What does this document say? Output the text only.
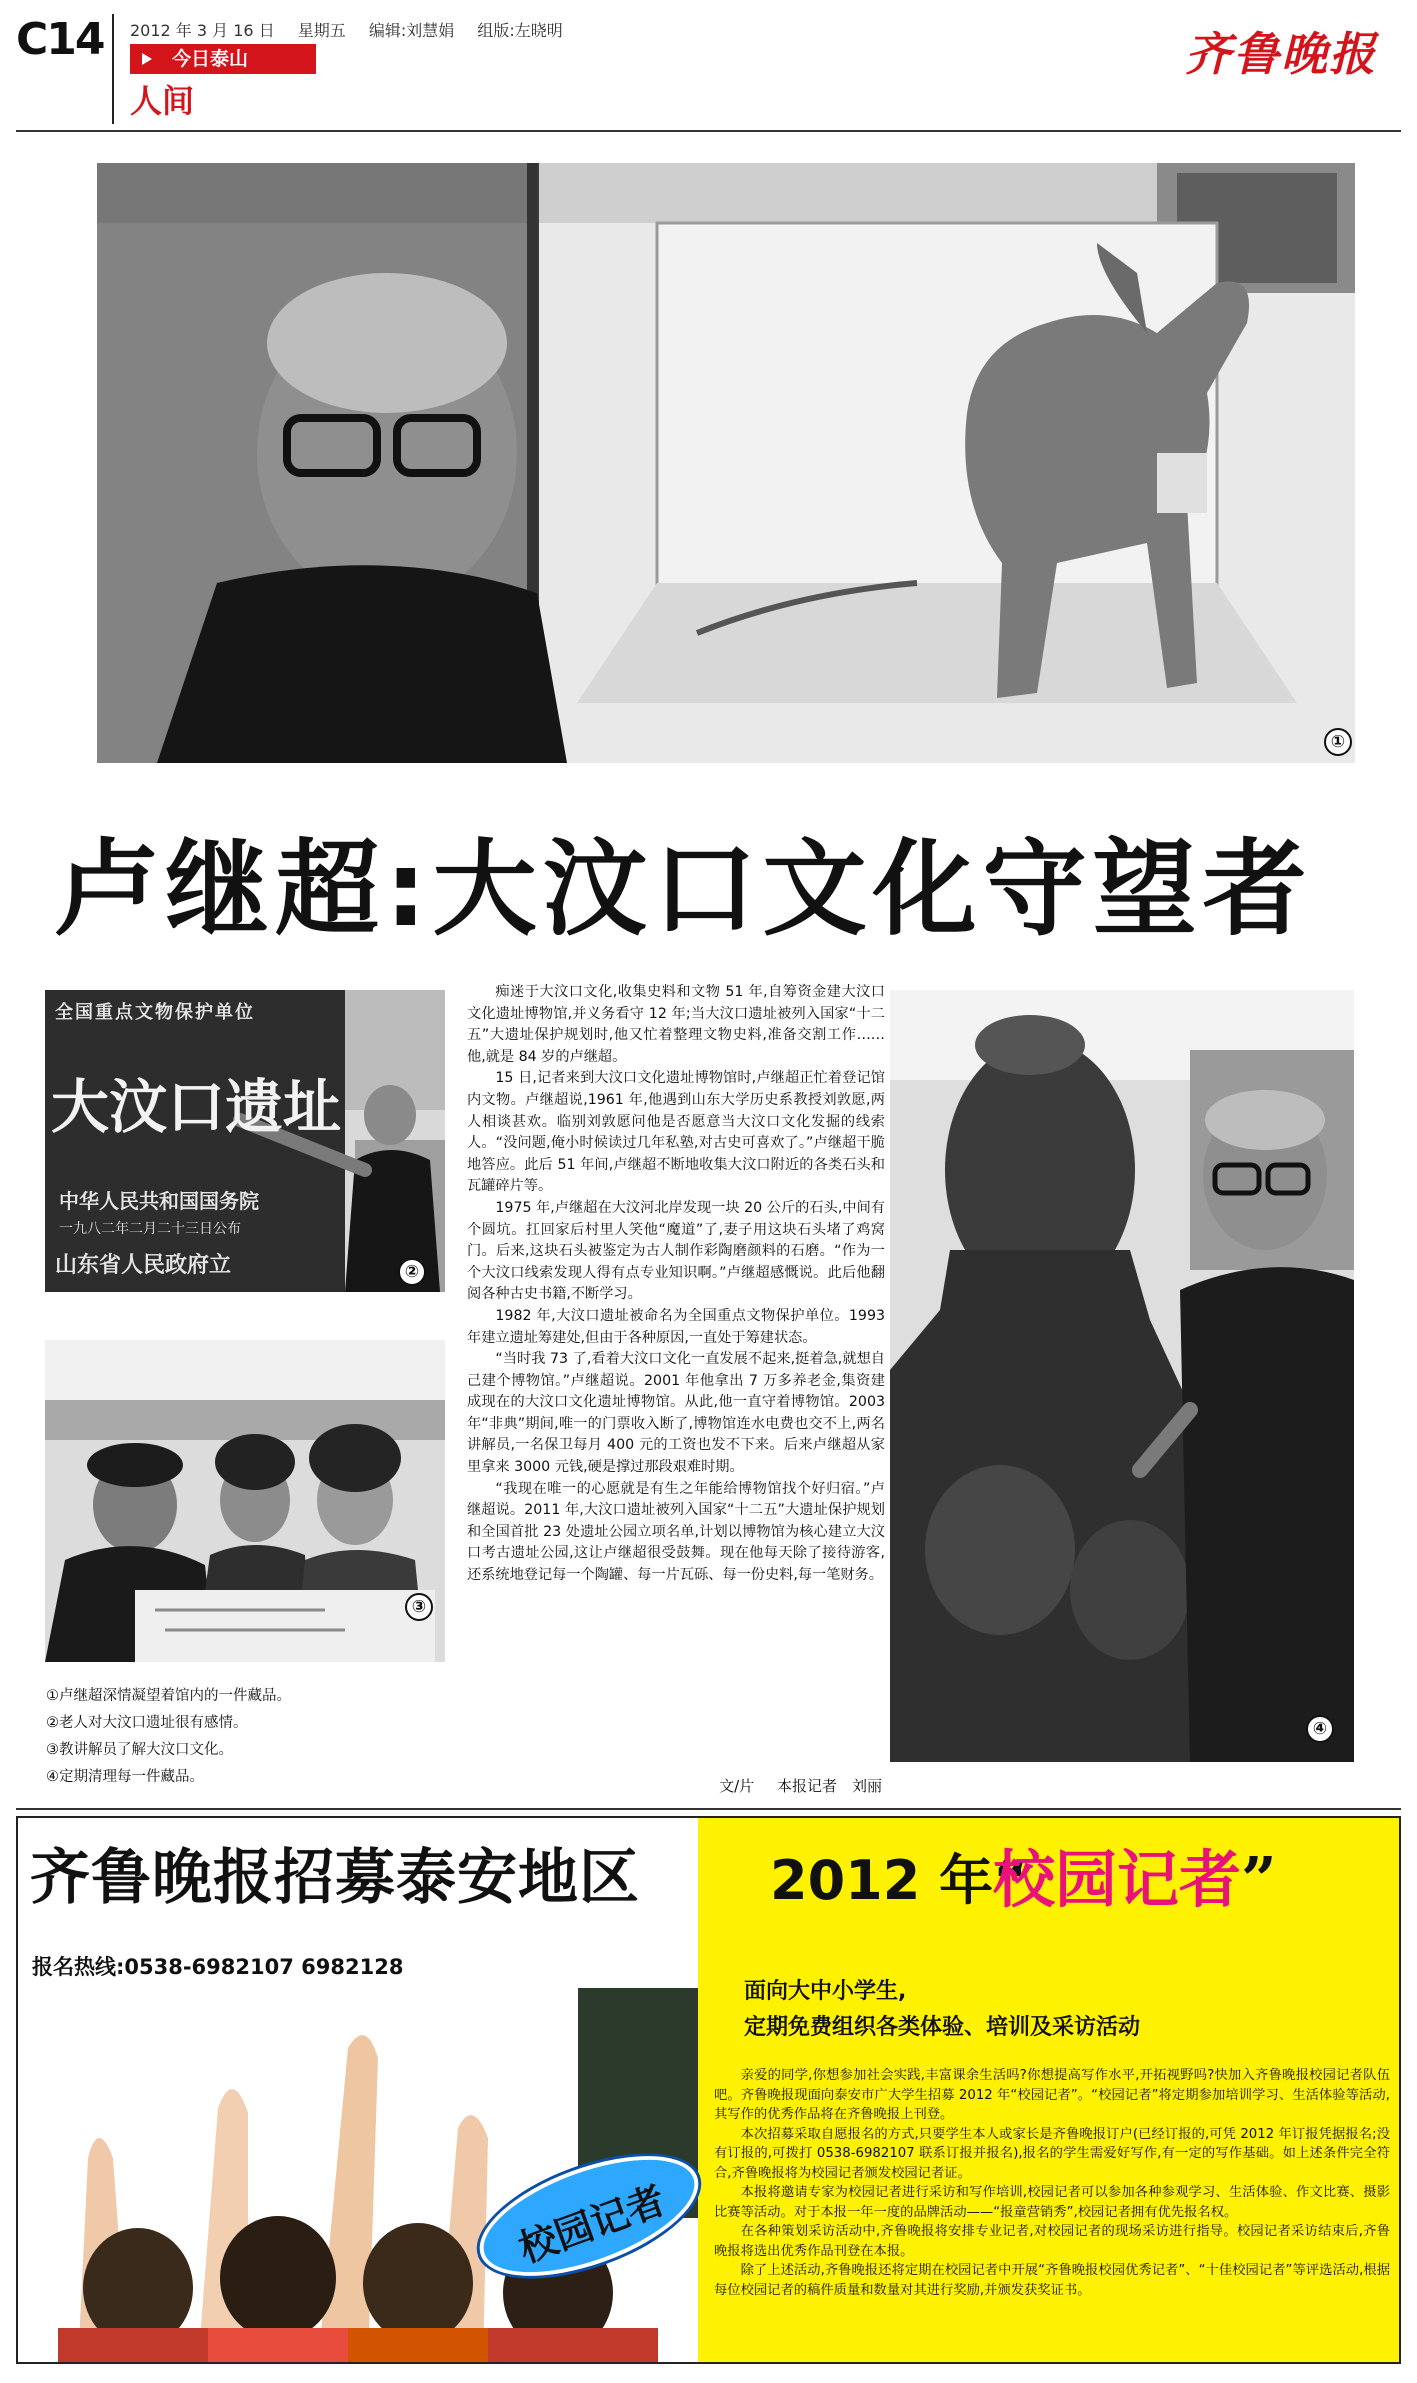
C14 2012 年 3 月 16 日 星期五 编辑:刘慧娟 组版:左晓明
今日泰山
人间
齐鲁晚报
①
卢继超:大汶口文化守望者
全国重点文物保护单位
大汶口遗址
中华人民共和国国务院
一九八二年二月二十三日公布
山东省人民政府立	②
③

痴迷于大汶口文化,收集史料和文物 51 年,自筹资金建大汶口文化遗址博物馆,并义务看守 12 年;当大汶口遗址被列入国家“十二五”大遗址保护规划时,他又忙着整理文物史料,准备交割工作……他,就是 84 岁的卢继超。

15 日,记者来到大汶口文化遗址博物馆时,卢继超正忙着登记馆内文物。卢继超说,1961 年,他遇到山东大学历史系教授刘敦愿,两人相谈甚欢。临别刘敦愿问他是否愿意当大汶口文化发掘的线索人。“没问题,俺小时候读过几年私塾,对古史可喜欢了。”卢继超干脆地答应。此后 51 年间,卢继超不断地收集大汶口附近的各类石头和瓦罐碎片等。

1975 年,卢继超在大汶河北岸发现一块 20 公斤的石头,中间有个圆坑。扛回家后村里人笑他“魔道”了,妻子用这块石头堵了鸡窝门。后来,这块石头被鉴定为古人制作彩陶磨颜料的石磨。“作为一个大汶口线索发现人得有点专业知识啊。”卢继超感慨说。此后他翻阅各种古史书籍,不断学习。

1982 年,大汶口遗址被命名为全国重点文物保护单位。1993 年建立遗址筹建处,但由于各种原因,一直处于筹建状态。

“当时我 73 了,看着大汶口文化一直发展不起来,挺着急,就想自己建个博物馆。”卢继超说。2001 年他拿出 7 万多养老金,集资建成现在的大汶口文化遗址博物馆。从此,他一直守着博物馆。2003 年“非典”期间,唯一的门票收入断了,博物馆连水电费也交不上,两名讲解员,一名保卫每月 400 元的工资也发不下来。后来卢继超从家里拿来 3000 元钱,硬是撑过那段艰难时期。

“我现在唯一的心愿就是有生之年能给博物馆找个好归宿。”卢继超说。2011 年,大汶口遗址被列入国家“十二五”大遗址保护规划和全国首批 23 处遗址公园立项名单,计划以博物馆为核心建立大汶口考古遗址公园,这让卢继超很受鼓舞。现在他每天除了接待游客,还系统地登记每一个陶罐、每一片瓦砾、每一份史料,每一笔财务。

文/片 本报记者　刘丽
④
①卢继超深情凝望着馆内的一件藏品。
②老人对大汶口遗址很有感情。
③教讲解员了解大汶口文化。
④定期清理每一件藏品。
齐鲁晚报招募泰安地区 2012 年“
校园记者”
报名热线:0538-6982107 6982128
面向大中小学生,
定期免费组织各类体验、培训及采访活动

亲爱的同学,你想参加社会实践,丰富课余生活吗?你想提高写作水平,开拓视野吗?快加入齐鲁晚报校园记者队伍吧。齐鲁晚报现面向泰安市广大学生招募 2012 年“校园记者”。“校园记者”将定期参加培训学习、生活体验等活动,其写作的优秀作品将在齐鲁晚报上刊登。

本次招募采取自愿报名的方式,只要学生本人或家长是齐鲁晚报订户(已经订报的,可凭 2012 年订报凭据报名;没有订报的,可拨打 0538-6982107 联系订报并报名),报名的学生需爱好写作,有一定的写作基础。如上述条件完全符合,齐鲁晚报将为校园记者颁发校园记者证。

本报将邀请专家为校园记者进行采访和写作培训,校园记者可以参加各种参观学习、生活体验、作文比赛、摄影比赛等活动。对于本报一年一度的品牌活动——“报童营销秀”,校园记者拥有优先报名权。

在各种策划采访活动中,齐鲁晚报将安排专业记者,对校园记者的现场采访进行指导。校园记者采访结束后,齐鲁晚报将选出优秀作品刊登在本报。

除了上述活动,齐鲁晚报还将定期在校园记者中开展“齐鲁晚报校园优秀记者”、“十佳校园记者”等评选活动,根据每位校园记者的稿件质量和数量对其进行奖励,并颁发获奖证书。

校园记者
